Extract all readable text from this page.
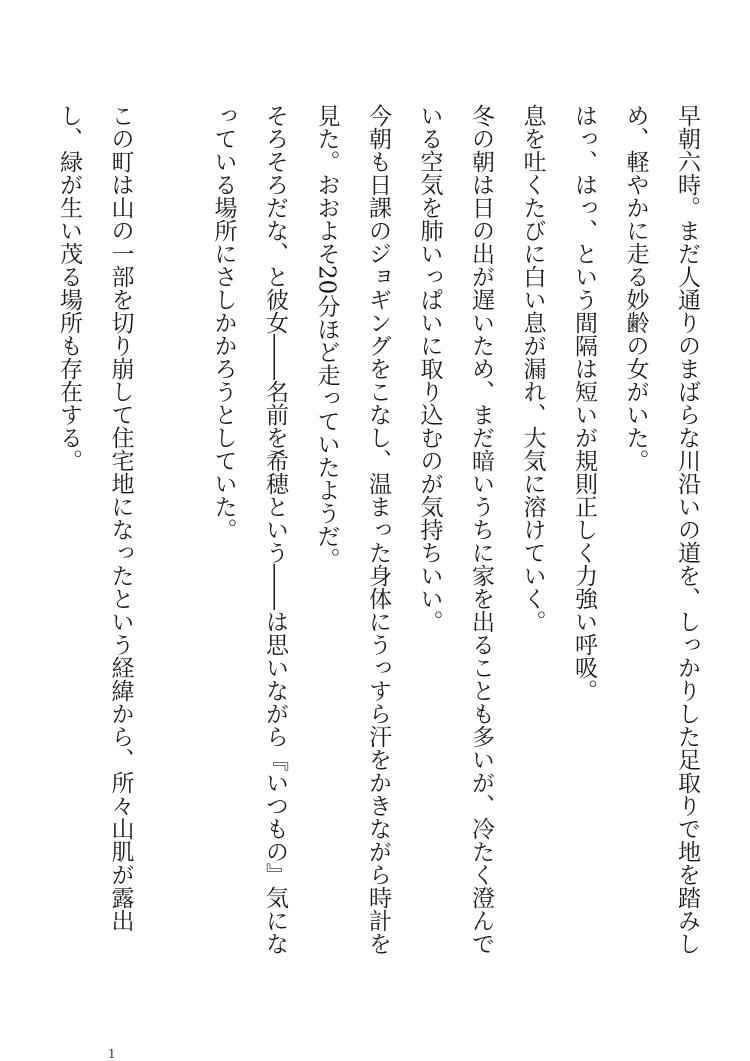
早朝六時。まだ人通りのまばらな川沿いの道を、しっかりした足取りで地を踏みし

め、軽やかに走る妙齢の女がいた。

はっ、はっ、という間隔は短いが規則正しく力強い呼吸。

息を吐くたびに白い息が漏れ、大気に溶けていく。

冬の朝は日の出が遅いため、まだ暗いうちに家を出ることも多いが、冷たく澄んで

いる空気を肺いっぱいに取り込むのが気持ちいい。

今朝も日課のジョギングをこなし、温まった身体にうっすら汗をかきながら時計を

見た。おおよそ20分ほど走っていたようだ。

そろそろだな、と彼女――名前を希穂という――は思いながら『いつもの』気にな

っている場所にさしかかろうとしていた。

この町は山の一部を切り崩して住宅地になったという経緯から、所々山肌が露出

し、緑が生い茂る場所も存在する。

1
